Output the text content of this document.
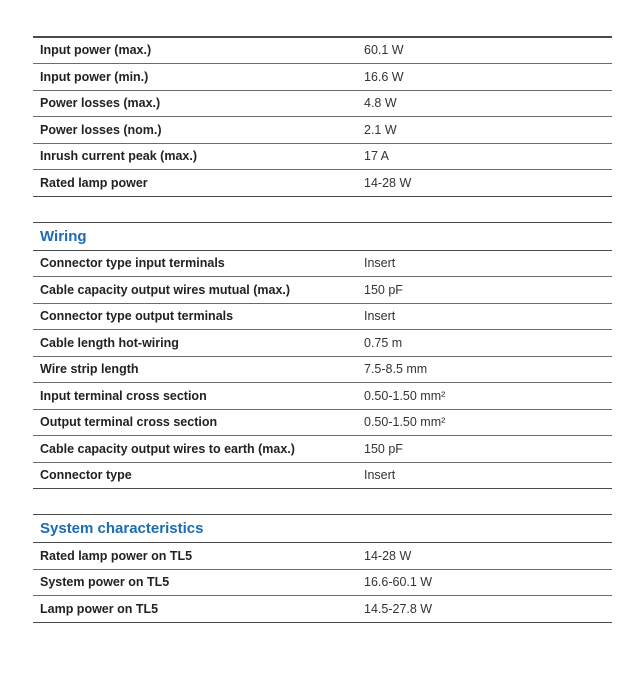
Input power (max.)	60.1 W
Input power (min.)	16.6 W
Power losses (max.)	4.8 W
Power losses (nom.)	2.1 W
Inrush current peak (max.)	17 A
Rated lamp power	14-28 W
Wiring
Connector type input terminals	Insert
Cable capacity output wires mutual (max.)	150 pF
Connector type output terminals	Insert
Cable length hot-wiring	0.75 m
Wire strip length	7.5-8.5 mm
Input terminal cross section	0.50-1.50 mm²
Output terminal cross section	0.50-1.50 mm²
Cable capacity output wires to earth (max.)	150 pF
Connector type	Insert
System characteristics
Rated lamp power on TL5	14-28 W
System power on TL5	16.6-60.1 W
Lamp power on TL5	14.5-27.8 W
